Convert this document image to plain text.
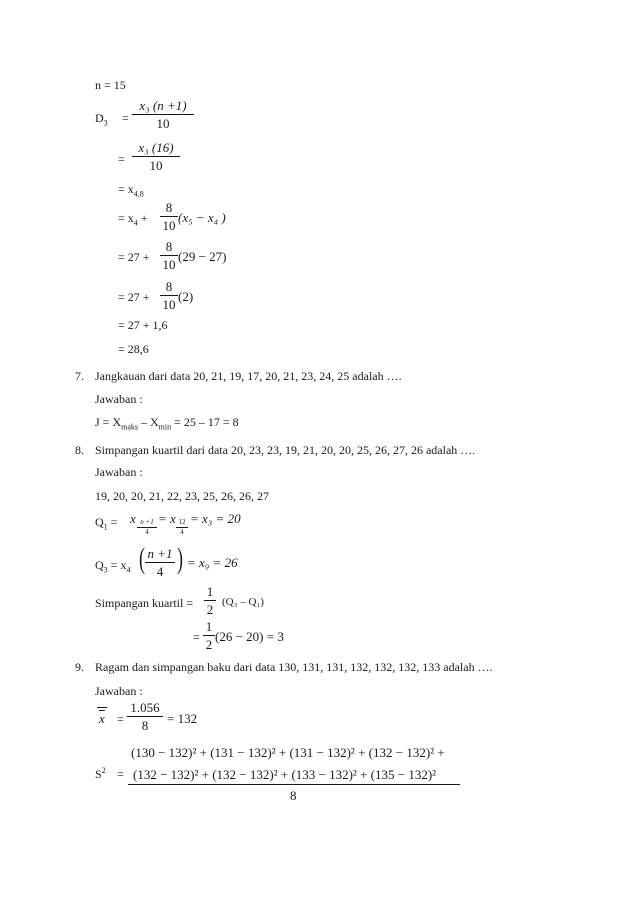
n = 15
$D_3$ =
x₃ (n +1)
10
=
x₃ (16)
10
= $x_{4,8}$
= $x_4$ +
8
10
(x₅ − x₄ )
= 27 +
8
10
(29 − 27)
= 27 +
8
10
(2)
= 27 + 1,6
= 28,6
7. Jangkauan dari data 20, 21, 19, 17, 20, 21, 23, 24, 25 adalah ….
Jawaban :
$J = X_{maks} - X_{min} = 25 - 17 = 8$
8. Simpangan kuartil dari data 20, 23, 23, 19, 21, 20, 20, 25, 26, 27, 26 adalah ….
Jawaban :
19, 20, 20, 21, 22, 23, 25, 26, 26, 27
$Q_1 = x$ n +1
4
= x 12
4
= x₃ = 20
$Q_3 = x_4$ ( n +1
4 ) = x₉ = 26
Simpangan kuartil =
1
2 (Q₃ – Q₁)
=
1
2
(26 − 20) = 3
9. Ragam dan simpangan baku dari data 130, 131, 131, 132, 132, 132, 133 adalah ….
Jawaban :
$\overline{x}$ =
1.056
8	= 132
$S^2$ =
(130 − 132)² + (131 − 132)² + (131 − 132)² + (132 − 132)² +
(132 − 132)² + (132 − 132)² + (133 − 132)² + (135 − 132)²
8
